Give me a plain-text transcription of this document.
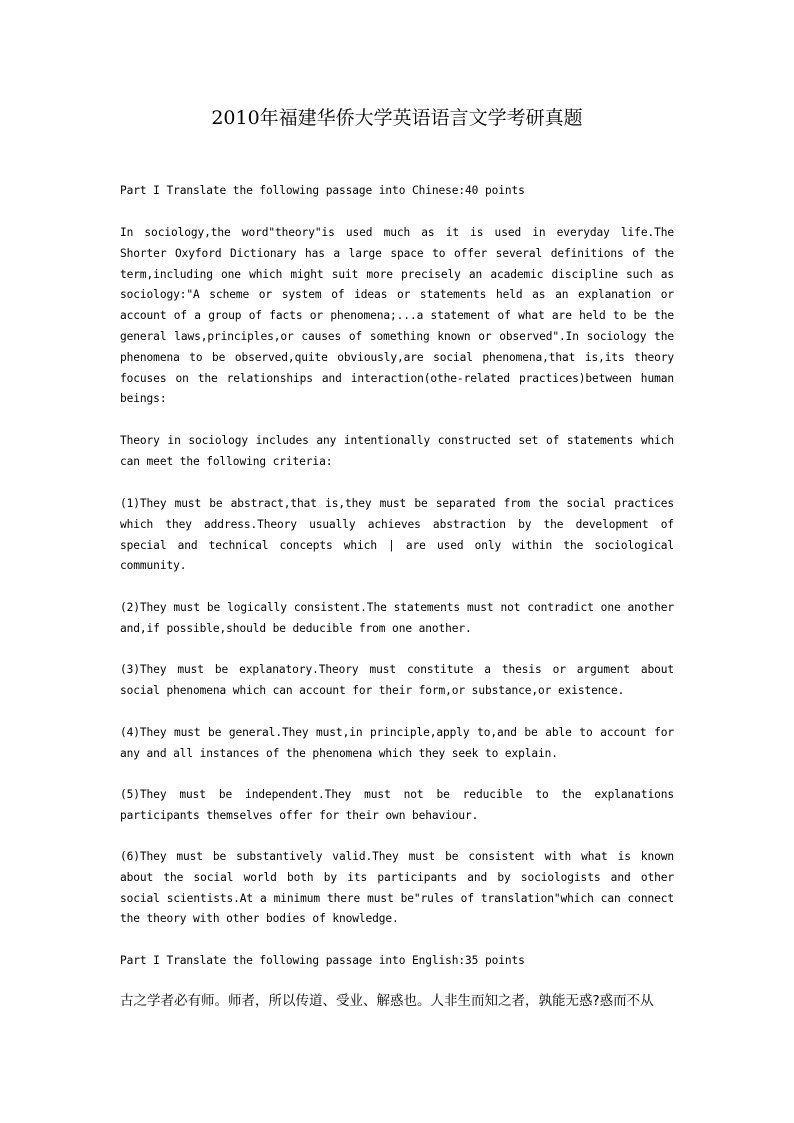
2010年福建华侨大学英语语言文学考研真题

Part I Translate the following passage into Chinese:40 points

In sociology,the word"theory"is used much as it is used in everyday life.The Shorter Oxyford Dictionary has a large space to offer several definitions of the term,including one which might suit more precisely an academic discipline such as sociology:"A scheme or system of ideas or statements held as an explanation or account of a group of facts or phenomena;...a statement of what are held to be the general laws,principles,or causes of something known or observed".In sociology the phenomena to be observed,quite obviously,are social phenomena,that is,its theory focuses on the relationships and interaction(othe-related practices)between human beings:

Theory in sociology includes any intentionally constructed set of statements which can meet the following criteria:

(1)They must be abstract,that is,they must be separated from the social practices which they address.Theory usually achieves abstraction by the development of special and technical concepts which | are used only within the sociological community.

(2)They must be logically consistent.The statements must not contradict one another and,if possible,should be deducible from one another.

(3)They must be explanatory.Theory must constitute a thesis or argument about social phenomena which can account for their form,or substance,or existence.

(4)They must be general.They must,in principle,apply to,and be able to account for any and all instances of the phenomena which they seek to explain.

(5)They must be independent.They must not be reducible to the explanations participants themselves offer for their own behaviour.

(6)They must be substantively valid.They must be consistent with what is known about the social world both by its participants and by sociologists and other social scientists.At a minimum there must be"rules of translation"which can connect the theory with other bodies of knowledge.

Part I Translate the following passage into English:35 points

古之学者必有师。师者，所以传道、受业、解惑也。人非生而知之者，孰能无惑?惑而不从
